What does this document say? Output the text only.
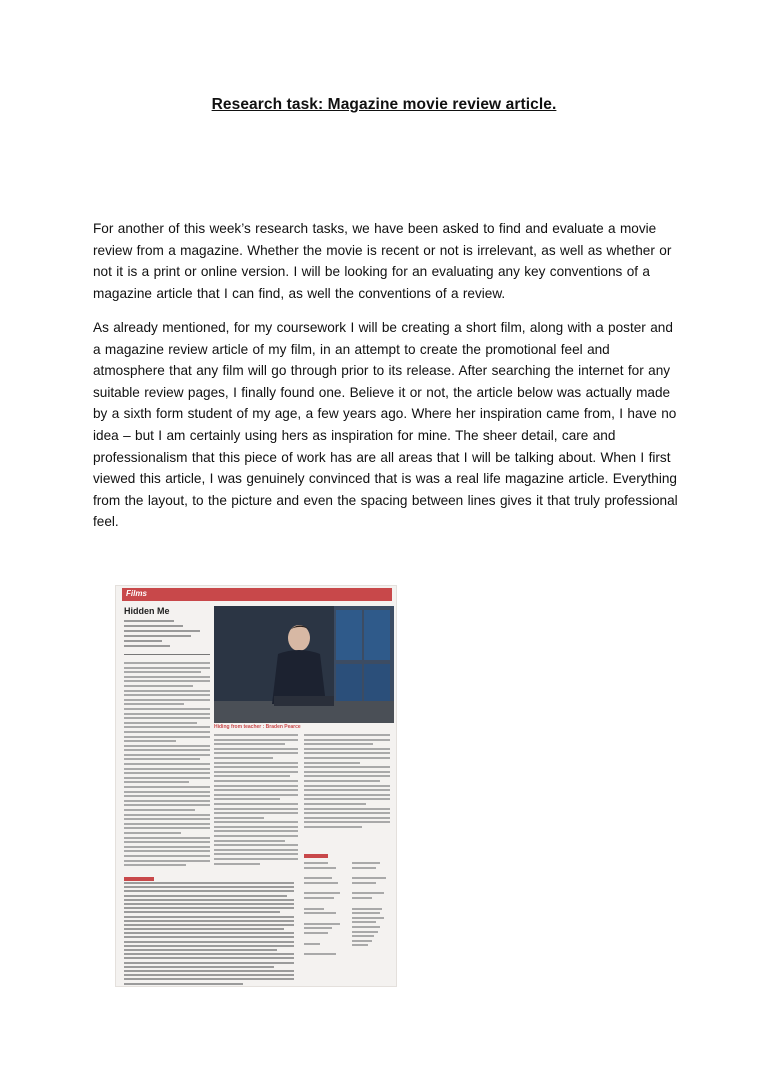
Research task: Magazine movie review article.

For another of this week’s research tasks, we have been asked to find and evaluate a movie review from a magazine. Whether the movie is recent or not is irrelevant, as well as whether or not it is a print or online version. I will be looking for an evaluating any key conventions of a magazine article that I can find, as well the conventions of a review.

As already mentioned, for my coursework I will be creating a short film, along with a poster and a magazine review article of my film, in an attempt to create the promotional feel and atmosphere that any film will go through prior to its release. After searching the internet for any suitable review pages, I finally found one. Believe it or not, the article below was actually made by a sixth form student of my age, a few years ago. Where her inspiration came from, I have no idea – but I am certainly using hers as inspiration for mine. The sheer detail, care and professionalism that this piece of work has are all areas that I will be talking about. When I first viewed this article, I was genuinely convinced that is was a real life magazine article. Everything from the layout, to the picture and even the spacing between lines gives it that truly professional feel.

Films
Hidden Me
Hiding from teacher : Braden Pearce
